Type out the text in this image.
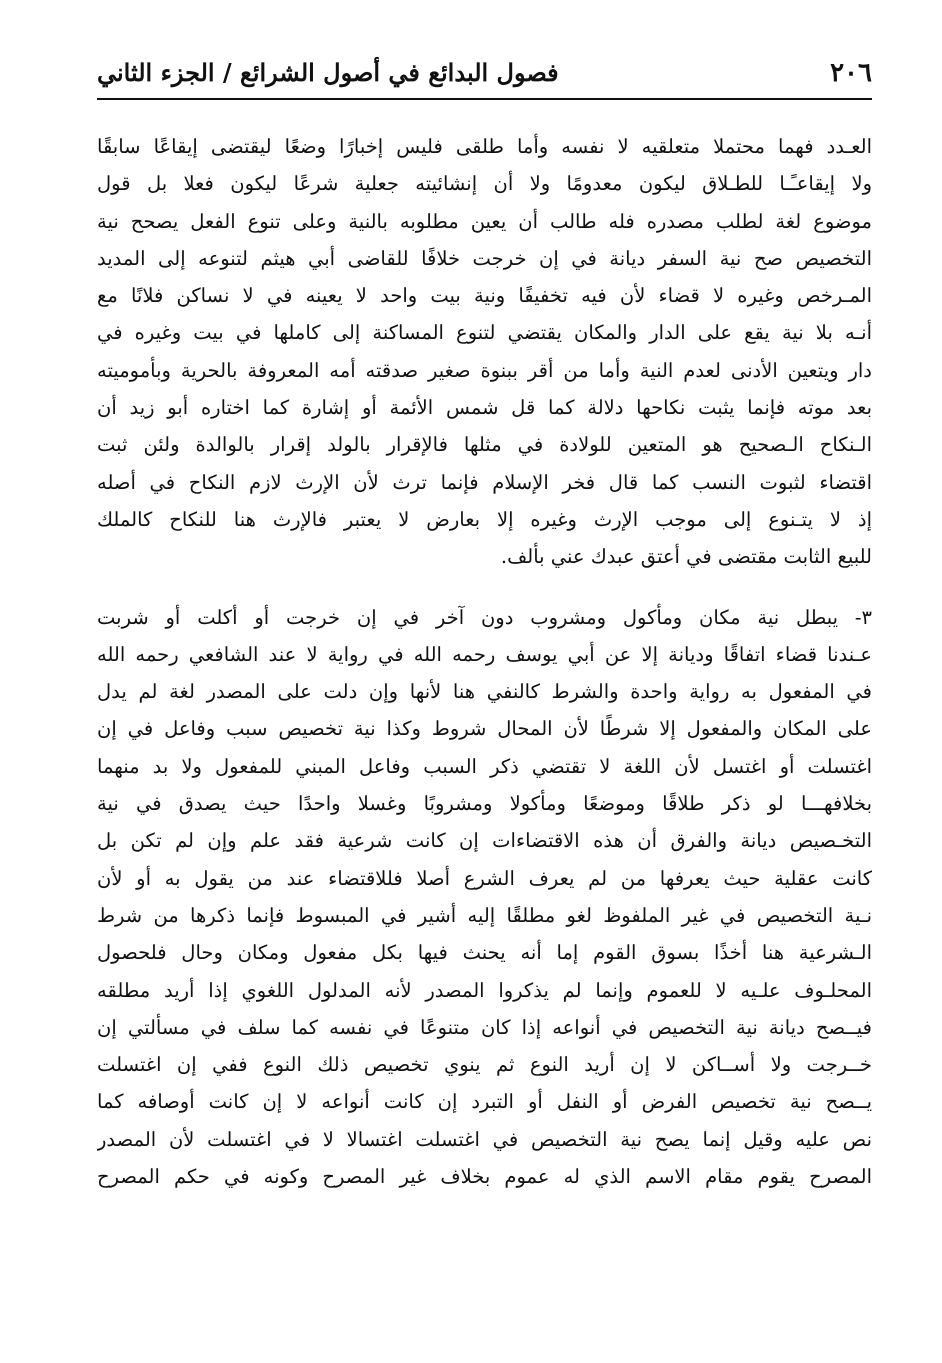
٢٠٦
فصول البدائع في أصول الشرائع / الجزء الثاني
العـدد فهما محتملا متعلقيه لا نفسه وأما طلقى فليس إخبارًا وضعًا ليقتضى إيقاعًا سابقًا
ولا إيقاعـًـا للطـلاق ليكون معدومًا ولا أن إنشائيته جعلية شرعًا ليكون فعلا بل قول
موضوع لغة لطلب مصدره فله طالب أن يعين مطلوبه بالنية وعلى تنوع الفعل يصحح نية
التخصيص صح نية السفر ديانة في إن خرجت خلافًا للقاضى أبي هيثم لتنوعه إلى المديد
المـرخص وغيره لا قضاء لأن فيه تخفيفًا ونية بيت واحد لا يعينه في لا نساكن فلانًا مع
أنـه بلا نية يقع على الدار والمكان يقتضي لتنوع المساكنة إلى كاملها في بيت وغيره في
دار ويتعين الأدنى لعدم النية وأما من أقر ببنوة صغير صدقته أمه المعروفة بالحرية وبأموميته
بعد موته فإنما يثبت نكاحها دلالة كما قل شمس الأئمة أو إشارة كما اختاره أبو زيد أن
الـنكاح الـصحيح هو المتعين للولادة في مثلها فالإقرار بالولد إقرار بالوالدة ولئن ثبت
اقتضاء لثبوت النسب كما قال فخر الإسلام فإنما ترث لأن الإرث لازم النكاح في أصله
إذ لا يتـنوع إلى موجب الإرث وغيره إلا بعارض لا يعتبر فالإرث هنا للنكاح كالملك
للبيع الثابت مقتضى في أعتق عبدك عني بألف.
٣- يبطل نية مكان ومأكول ومشروب دون آخر في إن خرجت أو أكلت أو شربت
عـندنا قضاء اتفاقًا وديانة إلا عن أبي يوسف رحمه الله في رواية لا عند الشافعي رحمه الله
في المفعول به رواية واحدة والشرط كالنفي هنا لأنها وإن دلت على المصدر لغة لم يدل
على المكان والمفعول إلا شرطًا لأن المحال شروط وكذا نية تخصيص سبب وفاعل في إن
اغتسلت أو اغتسل لأن اللغة لا تقتضي ذكر السبب وفاعل المبني للمفعول ولا بد منهما
بخلافهـــا لو ذكر طلاقًا وموضعًا ومأكولا ومشروبًا وغسلا واحدًا حيث يصدق في نية
التخـصيص ديانة والفرق أن هذه الاقتضاءات إن كانت شرعية فقد علم وإن لم تكن بل
كانت عقلية حيث يعرفها من لم يعرف الشرع أصلا فللاقتضاء عند من يقول به أو لأن
نـية التخصيص في غير الملفوظ لغو مطلقًا إليه أشير في المبسوط فإنما ذكرها من شرط
الـشرعية هنا أخذًا بسوق القوم إما أنه يحنث فيها بكل مفعول ومكان وحال فلحصول
المحلـوف علـيه لا للعموم وإنما لم يذكروا المصدر لأنه المدلول اللغوي إذا أريد مطلقه
فيــصح ديانة نية التخصيص في أنواعه إذا كان متنوعًا في نفسه كما سلف في مسألتي إن
خــرجت ولا أســاكن لا إن أريد النوع ثم ينوي تخصيص ذلك النوع ففي إن اغتسلت
يــصح نية تخصيص الفرض أو النفل أو التبرد إن كانت أنواعه لا إن كانت أوصافه كما
نص عليه وقيل إنما يصح نية التخصيص في اغتسلت اغتسالا لا في اغتسلت لأن المصدر
المصرح يقوم مقام الاسم الذي له عموم بخلاف غير المصرح وكونه في حكم المصرح
